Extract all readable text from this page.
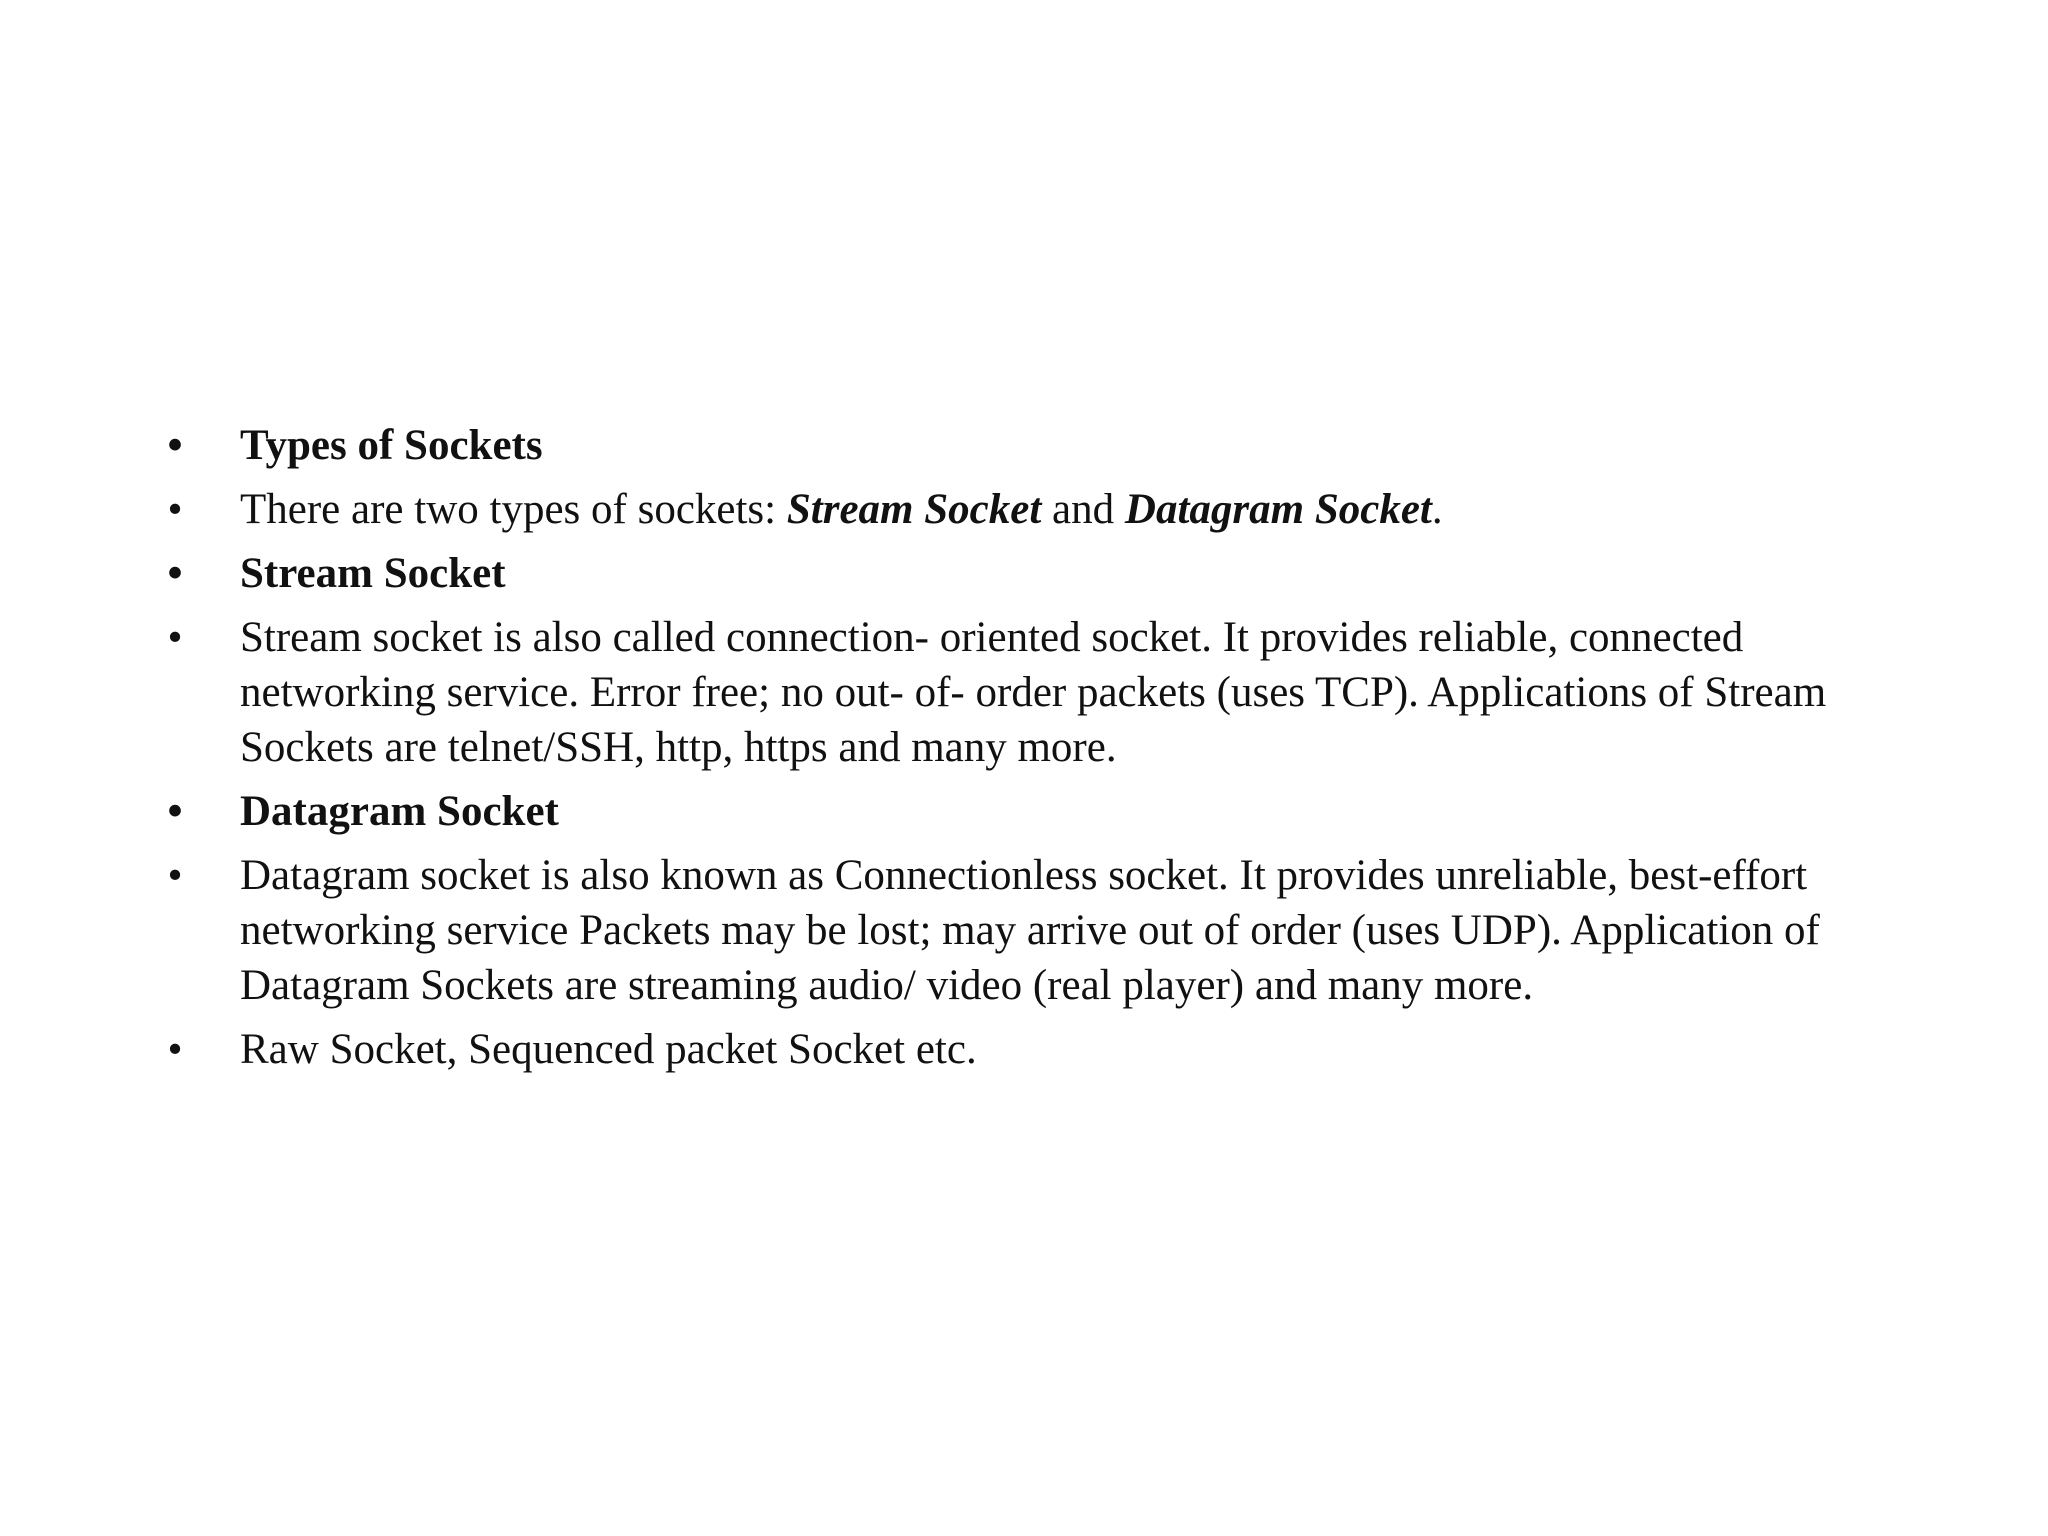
• Types of Sockets
• There are two types of sockets: Stream Socket and Datagram Socket.
• Stream Socket
• Stream socket is also called connection- oriented socket. It provides reliable, connected networking service. Error free; no out- of- order packets (uses TCP). Applications of Stream Sockets are telnet/SSH, http, https and many more.
• Datagram Socket
• Datagram socket is also known as Connectionless socket. It provides unreliable, best-effort networking service Packets may be lost; may arrive out of order (uses UDP). Application of Datagram Sockets are streaming audio/ video (real player) and many more.
• Raw Socket, Sequenced packet Socket etc.
